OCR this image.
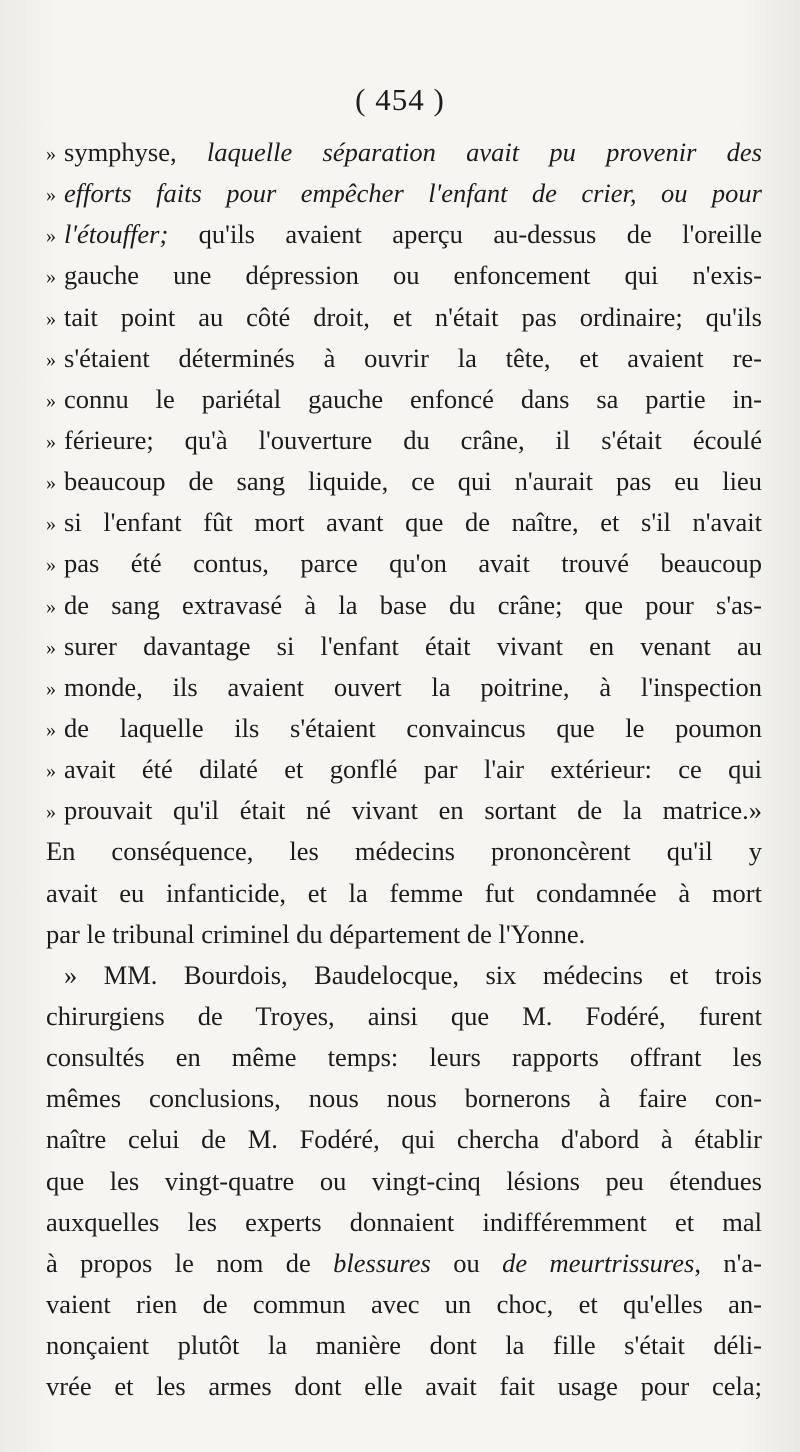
( 454 )
» symphyse, laquelle séparation avait pu provenir des
» efforts faits pour empêcher l'enfant de crier, ou pour
» l'étouffer; qu'ils avaient aperçu au-dessus de l'oreille
» gauche une dépression ou enfoncement qui n'exis-
» tait point au côté droit, et n'était pas ordinaire; qu'ils
» s'étaient déterminés à ouvrir la tête, et avaient re-
» connu le pariétal gauche enfoncé dans sa partie in-
» férieure; qu'à l'ouverture du crâne, il s'était écoulé
» beaucoup de sang liquide, ce qui n'aurait pas eu lieu
» si l'enfant fût mort avant que de naître, et s'il n'avait
» pas été contus, parce qu'on avait trouvé beaucoup
» de sang extravasé à la base du crâne; que pour s'as-
» surer davantage si l'enfant était vivant en venant au
» monde, ils avaient ouvert la poitrine, à l'inspection
» de laquelle ils s'étaient convaincus que le poumon
» avait été dilaté et gonflé par l'air extérieur: ce qui
» prouvait qu'il était né vivant en sortant de la matrice.»
En conséquence, les médecins prononcèrent qu'il y
avait eu infanticide, et la femme fut condamnée à mort
par le tribunal criminel du département de l'Yonne.
» MM. Bourdois, Baudelocque, six médecins et trois
chirurgiens de Troyes, ainsi que M. Fodéré, furent
consultés en même temps: leurs rapports offrant les
mêmes conclusions, nous nous bornerons à faire con-
naître celui de M. Fodéré, qui chercha d'abord à établir
que les vingt-quatre ou vingt-cinq lésions peu étendues
auxquelles les experts donnaient indifféremment et mal
à propos le nom de blessures ou de meurtrissures, n'a-
vaient rien de commun avec un choc, et qu'elles an-
nonçaient plutôt la manière dont la fille s'était déli-
vrée et les armes dont elle avait fait usage pour cela;
